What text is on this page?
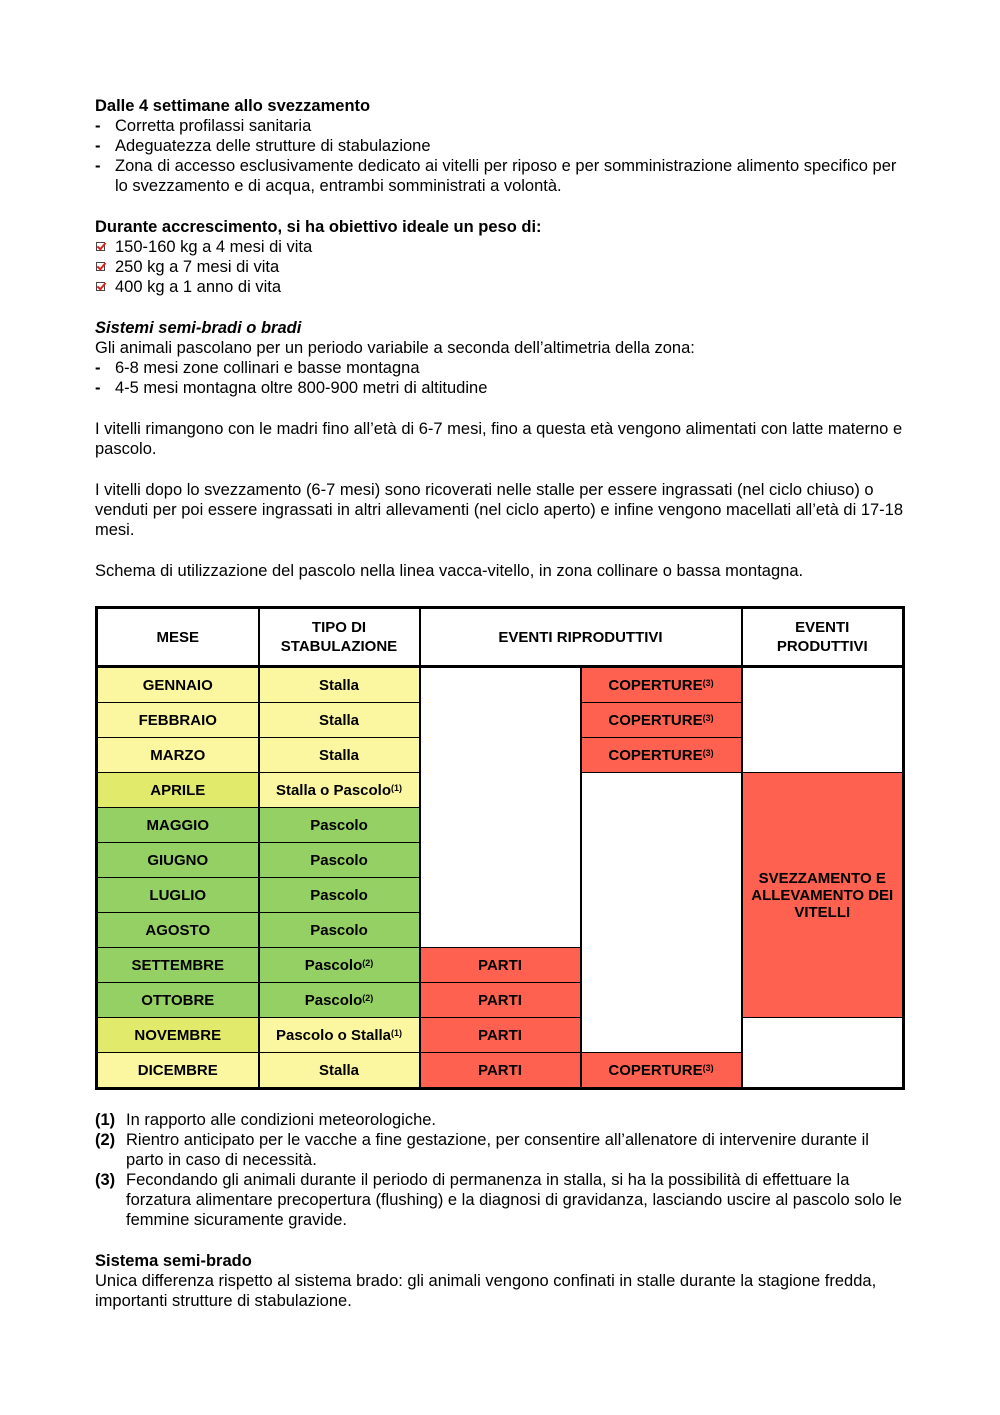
Dalle 4 settimane allo svezzamento

- Corretta profilassi sanitaria
- Adeguatezza delle strutture di stabulazione
- Zona di accesso esclusivamente dedicato ai vitelli per riposo e per somministrazione alimento specifico per lo svezzamento e di acqua, entrambi somministrati a volontà.

Durante accrescimento, si ha obiettivo ideale un peso di:

150-160 kg a 4 mesi di vita
250 kg a 7 mesi di vita
400 kg a 1 anno di vita

Sistemi semi-bradi o bradi

Gli animali pascolano per un periodo variabile a seconda dell’altimetria della zona:

- 6-8 mesi zone collinari e basse montagna
- 4-5 mesi montagna oltre 800-900 metri di altitudine

I vitelli rimangono con le madri fino all’età di 6-7 mesi, fino a questa età vengono alimentati con latte materno e pascolo.

I vitelli dopo lo svezzamento (6-7 mesi) sono ricoverati nelle stalle per essere ingrassati (nel ciclo chiuso) o venduti per poi essere ingrassati in altri allevamenti (nel ciclo aperto) e infine vengono macellati all’età di 17-18 mesi.

Schema di utilizzazione del pascolo nella linea vacca-vitello, in zona collinare o bassa montagna.

MESE	TIPO DI STABULAZIONE	EVENTI RIPRODUTTIVI		EVENTI PRODUTTIVI

GENNAIO	Stalla		COPERTURE$^{(3)}$	
FEBBRAIO	Stalla		COPERTURE$^{(3)}$
MARZO	Stalla		COPERTURE$^{(3)}$
APRILE	Stalla o Pascolo$^{(1)}$			SVEZZAMENTO E ALLEVAMENTO DEI VITELLI
MAGGIO	Pascolo			
GIUGNO	Pascolo			
LUGLIO	Pascolo			
AGOSTO	Pascolo			
SETTEMBRE	Pascolo$^{(2)}$	PARTI		
OTTOBRE	Pascolo$^{(2)}$	PARTI		
NOVEMBRE	Pascolo o Stalla$^{(1)}$	PARTI		
DICEMBRE	Stalla	PARTI	COPERTURE$^{(3)}$
(1) In rapporto alle condizioni meteorologiche.
(2) Rientro anticipato per le vacche a fine gestazione, per consentire all’allenatore di intervenire durante il parto in caso di necessità.
(3) Fecondando gli animali durante il periodo di permanenza in stalla, si ha la possibilità di effettuare la forzatura alimentare precopertura (flushing) e la diagnosi di gravidanza, lasciando uscire al pascolo solo le femmine sicuramente gravide.

Sistema semi-brado

Unica differenza rispetto al sistema brado: gli animali vengono confinati in stalle durante la stagione fredda, importanti strutture di stabulazione.
